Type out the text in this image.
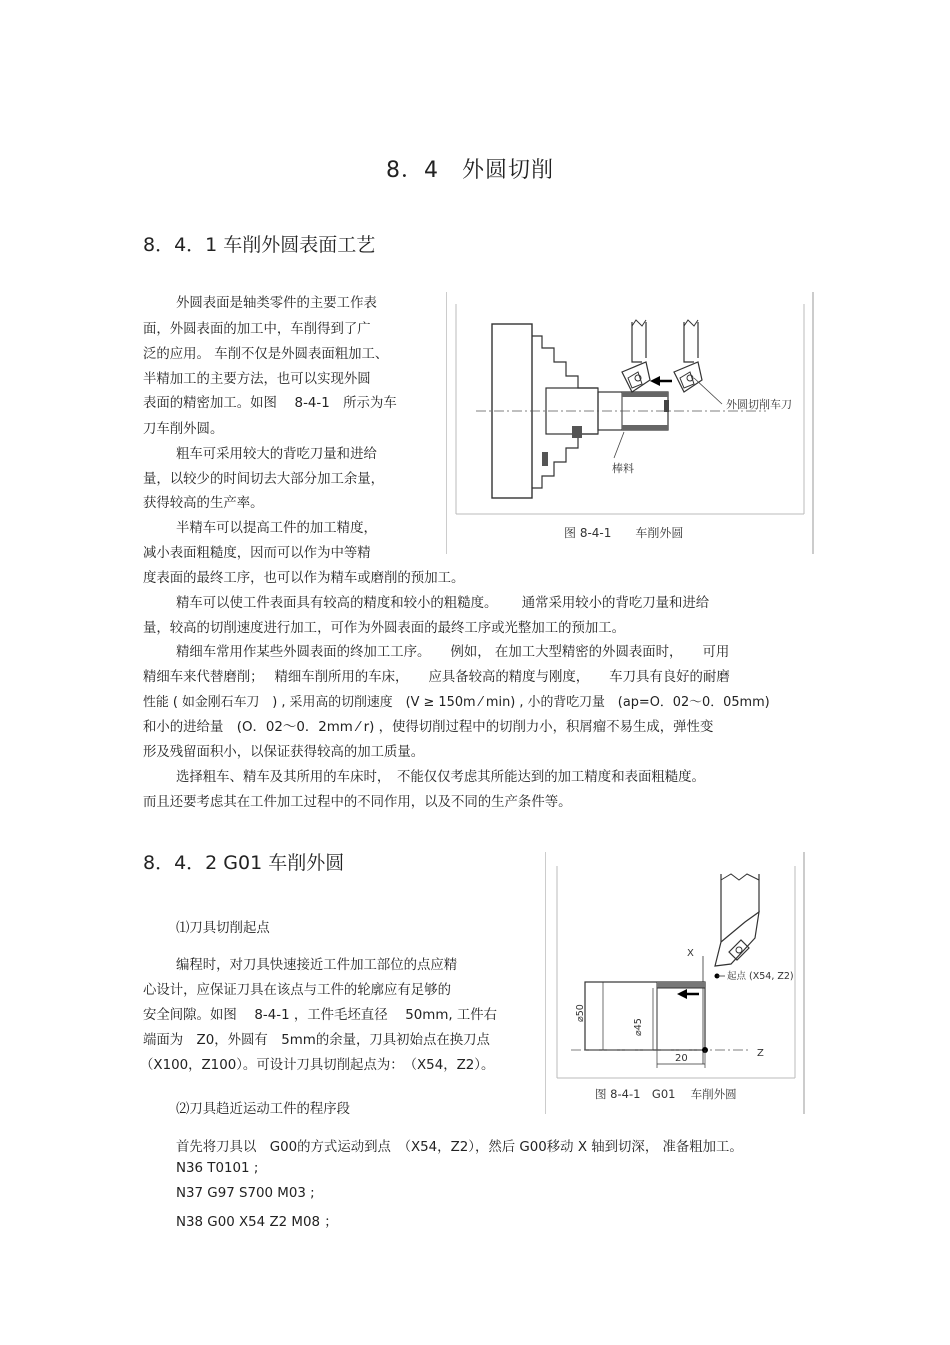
8．4　外圆切削
8．4．1 车削外圆表面工艺
外圆表面是轴类零件的主要工作表
面，外圆表面的加工中，车削得到了广
泛的应用。 车削不仅是外圆表面粗加工、
半精加工的主要方法，也可以实现外圆
表面的精密加工。如图　 8-4-1　所示为车
刀车削外圆。
粗车可采用较大的背吃刀量和进给
量，以较少的时间切去大部分加工余量，
获得较高的生产率。
半精车可以提高工件的加工精度，
减小表面粗糙度，因而可以作为中等精
度表面的最终工序，也可以作为精车或磨削的预加工。
精车可以使工件表面具有较高的精度和较小的粗糙度。　　 通常采用较小的背吃刀量和进给
量，较高的切削速度进行加工，可作为外圆表面的最终工序或光整加工的预加工。
精细车常用作某些外圆表面的终加工工序。　　例如， 在加工大型精密的外圆表面时，　　可用
精细车来代替磨削；　 精细车削所用的车床，　　应具备较高的精度与刚度，　　车刀具有良好的耐磨
性能 ( 如金刚石车刀　) , 采用高的切削速度　(V ≥ 150m ⁄ min) , 小的背吃刀量　(ap=O．02～0．05mm)
和小的进给量　(O．02～0．2mm ⁄ r) ，使得切削过程中的切削力小，积屑瘤不易生成，弹性变
形及残留面积小，以保证获得较高的加工质量。
选择粗车、精车及其所用的车床时，　不能仅仅考虑其所能达到的加工精度和表面粗糙度。
而且还要考虑其在工件加工过程中的不同作用，以及不同的生产条件等。
外圆切削车刀
棒料
图 8-4-1　　车削外圆
8．4．2 G01 车削外圆
⑴刀具切削起点
编程时，对刀具快速接近工件加工部位的点应精
心设计，应保证刀具在该点与工件的轮廓应有足够的
安全间隙。如图　 8-4-1 ，工件毛坯直径　 50mm, 工件右
端面为　Z0，外圆有　5mm的余量，刀具初始点在换刀点
（X100，Z100）。可设计刀具切削起点为：　（X54，Z2）。
⑵刀具趋近运动工件的程序段
首先将刀具以　G00的方式运动到点　（X54，Z2），然后 G00移动 X 轴到切深， 准备粗加工。
N36 T0101 ;
N37 G97 S700 M03 ;
N38 G00 X54 Z2 M08 ；
起点 (X54, Z2)
X
Z
⌀50
⌀45
20
图 8-4-1　G01　 车削外圆
